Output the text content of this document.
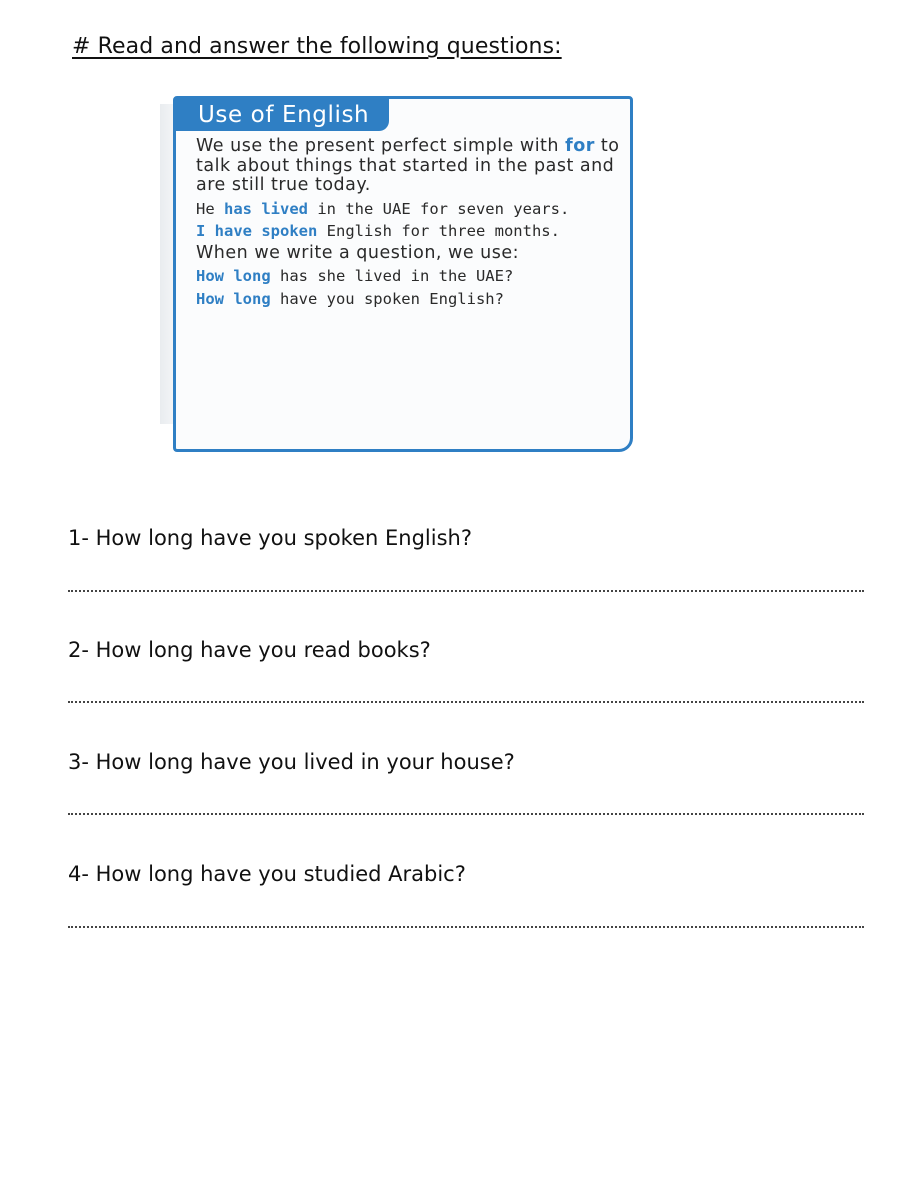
# Read and answer the following questions:
Use of English
We use the present perfect simple with for to talk about things that started in the past and are still true today.
He has lived in the UAE for seven years.
I have spoken English for three months.
When we write a question, we use:
How long has she lived in the UAE?
How long have you spoken English?
1- How long have you spoken English?
2- How long have you read books?
3- How long have you lived in your house?
4- How long have you studied Arabic?
